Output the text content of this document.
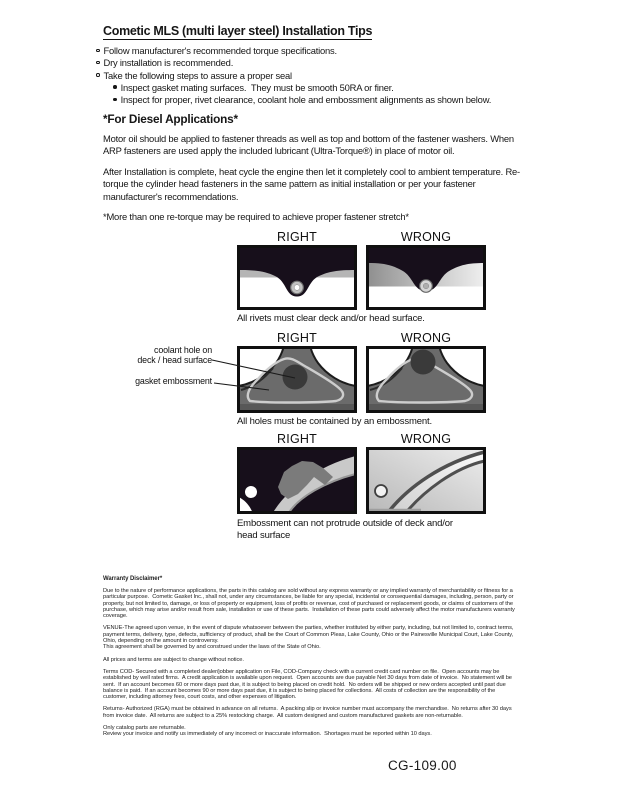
Cometic MLS (multi layer steel) Installation Tips
Follow manufacturer's recommended torque specifications.
Dry installation is recommended.
Take the following steps to assure a proper seal
Inspect gasket mating surfaces.  They must be smooth 50RA or finer.
Inspect for proper, rivet clearance, coolant hole and embossment alignments as shown below.
*For Diesel Applications*

Motor oil should be applied to fastener threads as well as top and bottom of the fastener washers. When ARP fasteners are used apply the included lubricant (Ultra-Torque®) in place of motor oil.

After Installation is complete, heat cycle the engine then let it completely cool to ambient temperature. Re-torque the cylinder head fasteners in the same pattern as initial installation or per your fastener manufacturer's recommendations.

*More than one re-torque may be required to achieve proper fastener stretch*

RIGHT	WRONG
All rivets must clear deck and/or head surface.
RIGHT	WRONG
All holes must be contained by an embossment.
coolant hole on
deck / head surface
gasket embossment
RIGHT	WRONG
Embossment can not protrude outside of deck and/or head surface
Warranty Disclaimer*

Due to the nature of performance applications, the parts in this catalog are sold without any express warranty or any implied warranty of merchantability or fitness for a particular purpose.  Cometic Gasket Inc., shall not, under any circumstances, be liable for any special, incidental or consequential damages, including, person, party or property, but not limited to, damage, or loss of property or equipment, loss of profits or revenue, cost of purchased or replacement goods, or claims of customers of the purchase, which may arise and/or result from sale, installation or use of these parts.  Installation of these parts could adversely affect the motor manufacturers warranty coverage.

VENUE-The agreed upon venue, in the event of dispute whatsoever between the parties, whether instituted by either party, including, but not limited to, contract terms, payment terms, delivery, type, defects, sufficiency of product, shall be the Court of Common Pleas, Lake County, Ohio or the Painesville Municipal Court, Lake County, Ohio, depending on the amount in controversy.

This agreement shall be governed by and construed under the laws of the State of Ohio.

All prices and terms are subject to change without notice.

Terms COD- Secured with a completed dealer/jobber application on File, COD-Company check with a current credit card number on file.  Open accounts may be established by well rated firms.  A credit application is available upon request.  Open accounts are due payable Net 30 days from date of invoice.  No statement will be sent.  If an account becomes 60 or more days past due, it is subject to being placed on credit hold.  No orders will be shipped or new orders accepted until past due balance is paid.  If an account becomes 90 or more days past due, it is subject to being placed for collections.  All costs of collection are the responsibility of the customer, including attorney fees, court costs, and other expenses of litigation.

Returns- Authorized (RGA) must be obtained in advance on all returns.  A packing slip or invoice number must accompany the merchandise.  No returns after 30 days from invoice date.  All returns are subject to a 25% restocking charge.  All custom designed and custom manufactured gaskets are non-returnable.

Only catalog parts are returnable.

Review your invoice and notify us immediately of any incorrect or inaccurate information.  Shortages must be reported within 10 days.

CG-109.00
